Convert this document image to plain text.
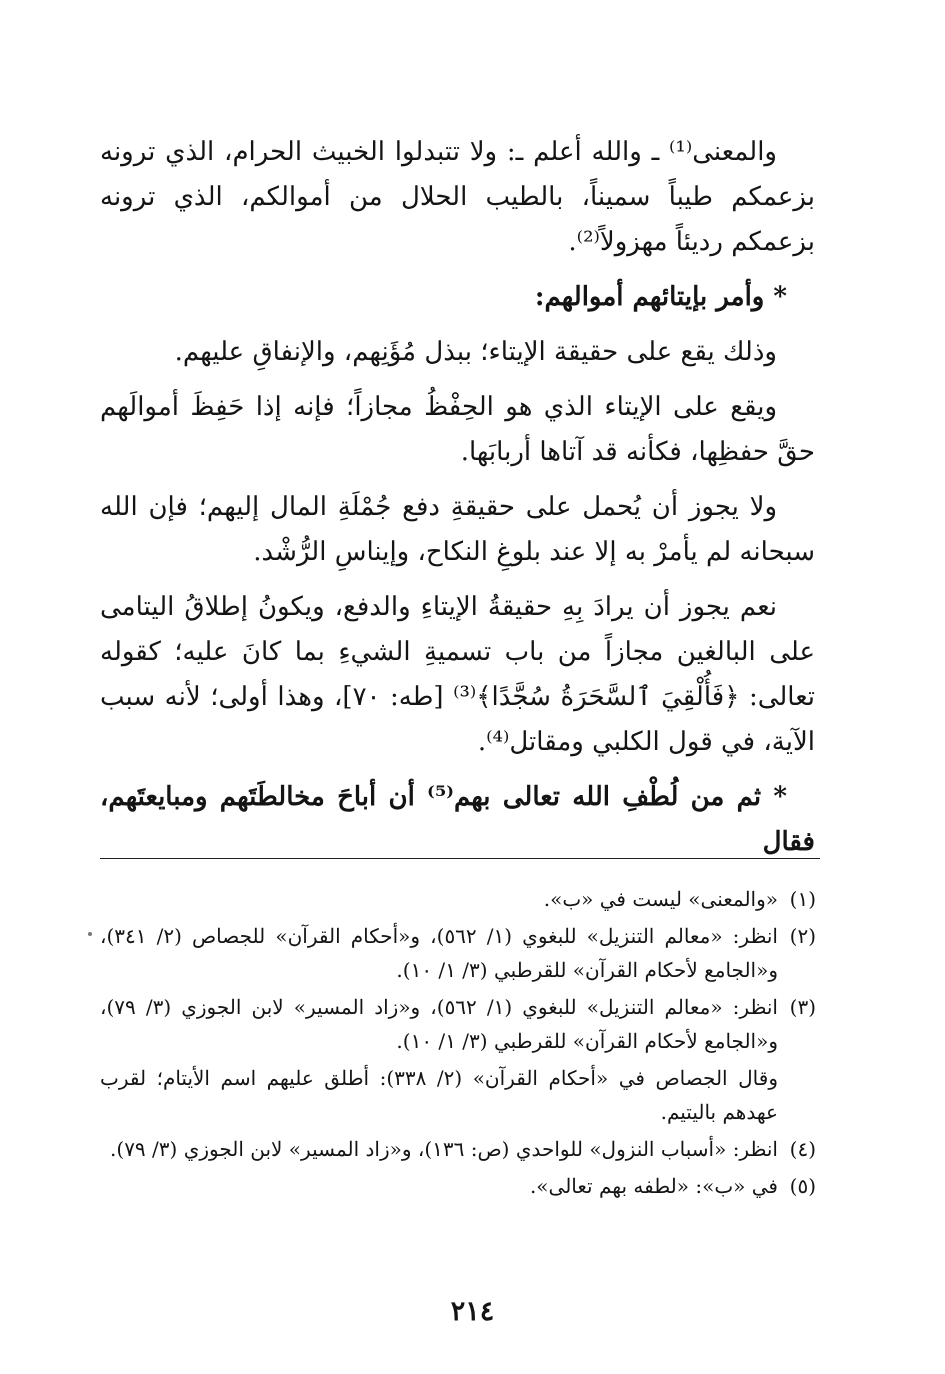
والمعنى⁽¹⁾ ـ والله أعلم ـ: ولا تتبدلوا الخبيث الحرام، الذي ترونه بزعمكم طيباً سميناً، بالطيب الحلال من أموالكم، الذي ترونه بزعمكم رديئاً مهزولاً⁽²⁾.

* وأمر بإيتائهم أموالهم:

وذلك يقع على حقيقة الإيتاء؛ ببذل مُؤَنِهم، والإنفاقِ عليهم.

ويقع على الإيتاء الذي هو الحِفْظُ مجازاً؛ فإنه إذا حَفِظَ أموالَهم حقَّ حفظِها، فكأنه قد آتاها أربابَها.

ولا يجوز أن يُحمل على حقيقةِ دفع جُمْلَةِ المال إليهم؛ فإن الله سبحانه لم يأمرْ به إلا عند بلوغِ النكاح، وإيناسِ الرُّشْد.

نعم يجوز أن يرادَ بِهِ حقيقةُ الإيتاءِ والدفع، ويكونُ إطلاقُ اليتامى على البالغين مجازاً من باب تسميةِ الشيءِ بما كانَ عليه؛ كقوله تعالى: ﴿فَأُلْقِيَ ٱلسَّحَرَةُ سُجَّدًا﴾⁽³⁾ [طه: ٧٠]، وهذا أولى؛ لأنه سبب الآية، في قول الكلبي ومقاتل⁽⁴⁾.

* ثم من لُطْفِ الله تعالى بهم⁽⁵⁾ أن أباحَ مخالطَتَهم ومبايعتَهم، فقال

(١)
«والمعنى» ليست في «ب».
(٢)
انظر: «معالم التنزيل» للبغوي (١/ ٥٦٢)، و«أحكام القرآن» للجصاص (٢/ ٣٤١)، و«الجامع لأحكام القرآن» للقرطبي (٣/ ١/ ١٠).
(٣)
انظر: «معالم التنزيل» للبغوي (١/ ٥٦٢)، و«زاد المسير» لابن الجوزي (٣/ ٧٩)، و«الجامع لأحكام القرآن» للقرطبي (٣/ ١/ ١٠).
وقال الجصاص في «أحكام القرآن» (٢/ ٣٣٨): أطلق عليهم اسم الأيتام؛ لقرب عهدهم باليتيم.
(٤)
انظر: «أسباب النزول» للواحدي (ص: ١٣٦)، و«زاد المسير» لابن الجوزي (٣/ ٧٩).
(٥)
في «ب»: «لطفه بهم تعالى».
٢١٤
